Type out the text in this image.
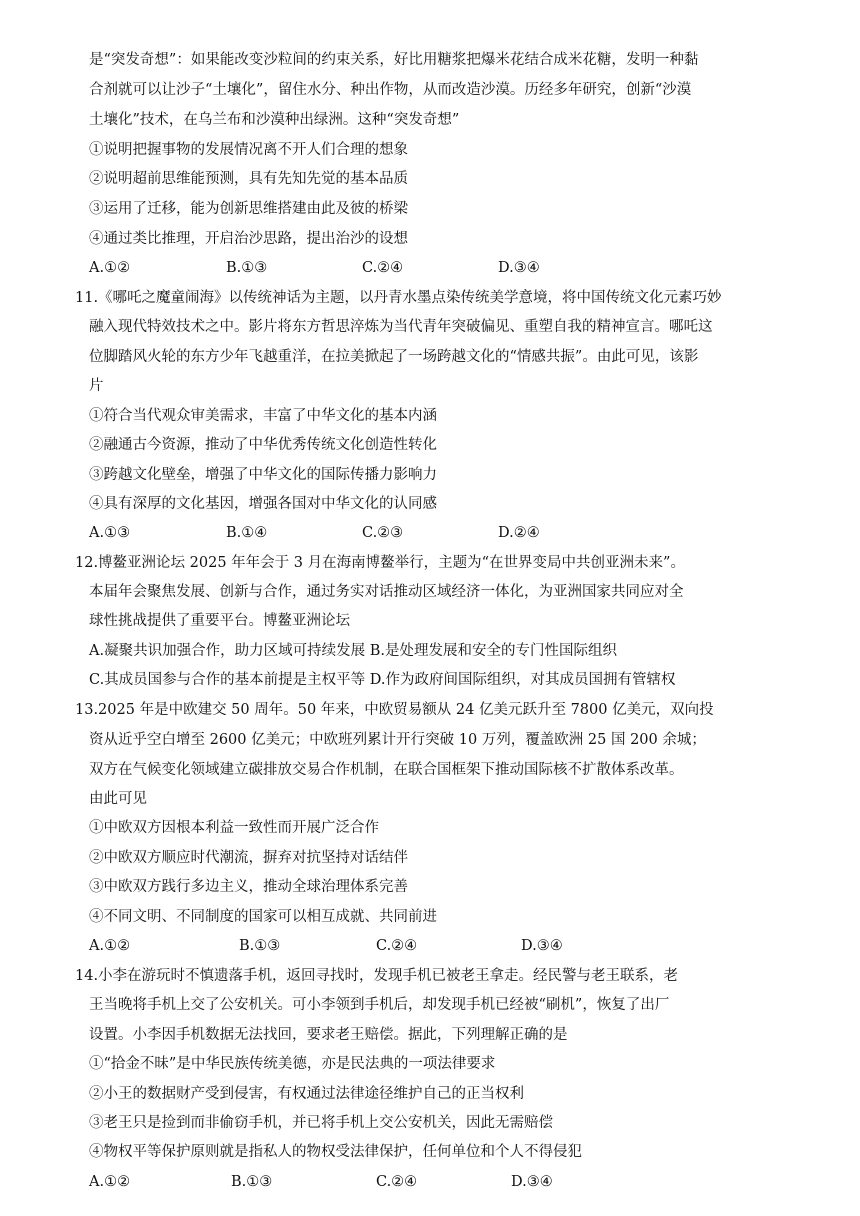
是“突发奇想”：如果能改变沙粒间的约束关系，好比用糖浆把爆米花结合成米花糖，发明一种黏
合剂就可以让沙子“土壤化”，留住水分、种出作物，从而改造沙漠。历经多年研究，创新“沙漠
土壤化”技术，在乌兰布和沙漠种出绿洲。这种“突发奇想”
①说明把握事物的发展情况离不开人们合理的想象
②说明超前思维能预测，具有先知先觉的基本品质
③运用了迁移，能为创新思维搭建由此及彼的桥梁
④通过类比推理，开启治沙思路，提出治沙的设想
A.①②	B.①③	C.②④	D.③④
11.《哪吒之魔童闹海》以传统神话为主题，以丹青水墨点染传统美学意境，将中国传统文化元素巧妙
融入现代特效技术之中。影片将东方哲思淬炼为当代青年突破偏见、重塑自我的精神宣言。哪吒这
位脚踏风火轮的东方少年飞越重洋，在拉美掀起了一场跨越文化的“情感共振”。由此可见，该影
片
①符合当代观众审美需求，丰富了中华文化的基本内涵
②融通古今资源，推动了中华优秀传统文化创造性转化
③跨越文化壁垒，增强了中华文化的国际传播力影响力
④具有深厚的文化基因，增强各国对中华文化的认同感
A.①③	B.①④	C.②③	D.②④
12.博鳌亚洲论坛 2025 年年会于 3 月在海南博鳌举行，主题为“在世界变局中共创亚洲未来”。
本届年会聚焦发展、创新与合作，通过务实对话推动区域经济一体化，为亚洲国家共同应对全
球性挑战提供了重要平台。博鳌亚洲论坛
A.凝聚共识加强合作，助力区域可持续发展 B.是处理发展和安全的专门性国际组织
C.其成员国参与合作的基本前提是主权平等 D.作为政府间国际组织，对其成员国拥有管辖权
13.2025 年是中欧建交 50 周年。50 年来，中欧贸易额从 24 亿美元跃升至 7800 亿美元，双向投
资从近乎空白增至 2600 亿美元；中欧班列累计开行突破 10 万列，覆盖欧洲 25 国 200 余城；
双方在气候变化领域建立碳排放交易合作机制，在联合国框架下推动国际核不扩散体系改革。
由此可见
①中欧双方因根本利益一致性而开展广泛合作
②中欧双方顺应时代潮流，摒弃对抗坚持对话结伴
③中欧双方践行多边主义，推动全球治理体系完善
④不同文明、不同制度的国家可以相互成就、共同前进
A.①②	B.①③	C.②④	D.③④
14.小李在游玩时不慎遗落手机，返回寻找时，发现手机已被老王拿走。经民警与老王联系，老
王当晚将手机上交了公安机关。可小李领到手机后，却发现手机已经被“刷机”，恢复了出厂
设置。小李因手机数据无法找回，要求老王赔偿。据此，下列理解正确的是
①“拾金不昧”是中华民族传统美德，亦是民法典的一项法律要求
②小王的数据财产受到侵害，有权通过法律途径维护自己的正当权利
③老王只是捡到而非偷窃手机，并已将手机上交公安机关，因此无需赔偿
④物权平等保护原则就是指私人的物权受法律保护，任何单位和个人不得侵犯
A.①②	B.①③	C.②④	D.③④
